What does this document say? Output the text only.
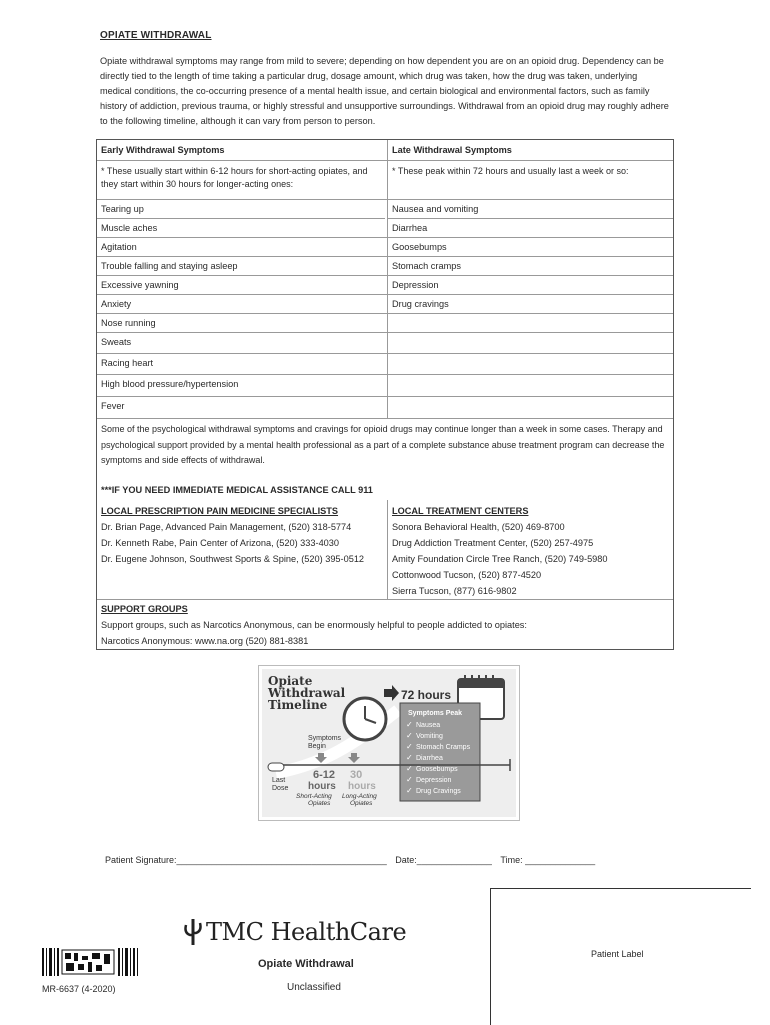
OPIATE WITHDRAWAL
Opiate withdrawal symptoms may range from mild to severe; depending on how dependent you are on an opioid drug. Dependency can be directly tied to the length of time taking a particular drug, dosage amount, which drug was taken, how the drug was taken, underlying medical conditions, the co-occurring presence of a mental health issue, and certain biological and environmental factors, such as family history of addiction, previous trauma, or highly stressful and unsupportive surroundings. Withdrawal from an opioid drug may roughly adhere to the following timeline, although it can vary from person to person.
Early Withdrawal Symptoms	Late Withdrawal Symptoms
* These usually start within 6-12 hours for short-acting opiates, and they start within 30 hours for longer-acting ones:
* These peak within 72 hours and usually last a week or so:
Tearing up
Muscle aches
Agitation
Trouble falling and staying asleep
Excessive yawning
Anxiety
Nose running
Sweats
Racing heart
High blood pressure/hypertension
Fever
Nausea and vomiting
Diarrhea
Goosebumps
Stomach cramps
Depression
Drug cravings
Some of the psychological withdrawal symptoms and cravings for opioid drugs may continue longer than a week in some cases. Therapy and psychological support provided by a mental health professional as a part of a complete substance abuse treatment program can decrease the symptoms and side effects of withdrawal.
***IF YOU NEED IMMEDIATE MEDICAL ASSISTANCE CALL 911
LOCAL PRESCRIPTION PAIN MEDICINE SPECIALISTS
Dr. Brian Page, Advanced Pain Management, (520) 318-5774
Dr. Kenneth Rabe, Pain Center of Arizona, (520) 333-4030
Dr. Eugene Johnson, Southwest Sports & Spine, (520) 395-0512
LOCAL TREATMENT CENTERS
Sonora Behavioral Health, (520) 469-8700
Drug Addiction Treatment Center, (520) 257-4975
Amity Foundation Circle Tree Ranch, (520) 749-5980
Cottonwood Tucson, (520) 877-4520
Sierra Tucson, (877) 616-9802
SUPPORT GROUPS
Support groups, such as Narcotics Anonymous, can be enormously helpful to people addicted to opiates:
Narcotics Anonymous: www.na.org (520) 881-8381
Opiate
Withdrawal
Timeline
72 hours
Symptoms Peak
Nausea
Vomiting
Stomach Cramps
Diarrhea
Goosebumps
Depression
Drug Cravings
✓
✓
✓
✓
✓
✓
✓
Symptoms
Begin
Last
Dose
6-12
hours
Short-Acting
Opiates
30
hours
Long-Acting
Opiates
Patient Signature:__________________________________________ Date:_______________ Time: ______________
Patient Label
TMC HealthCare
Opiate Withdrawal
Unclassified
MR-6637 (4-2020)
